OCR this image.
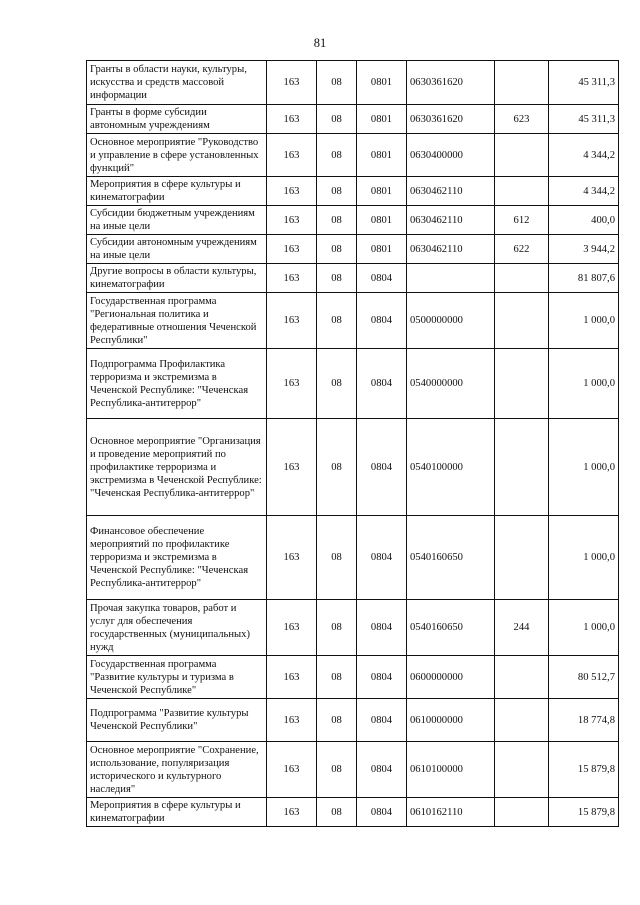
81
Гранты в области науки, культуры, искусства и средств массовой информации	163	08	0801	0630361620		45 311,3
Гранты в форме субсидии автономным учреждениям	163	08	0801	0630361620	623	45 311,3
Основное мероприятие "Руководство и управление в сфере установленных функций"	163	08	0801	0630400000		4 344,2
Мероприятия в сфере культуры и кинематографии	163	08	0801	0630462110		4 344,2
Субсидии бюджетным учреждениям на иные цели	163	08	0801	0630462110	612	400,0
Субсидии автономным учреждениям на иные цели	163	08	0801	0630462110	622	3 944,2
Другие вопросы в области культуры, кинематографии	163	08	0804			81 807,6
Государственная программа "Региональная политика и федеративные отношения Чеченской Республики"	163	08	0804	0500000000		1 000,0
Подпрограмма Профилактика терроризма и экстремизма в Чеченской Республике: "Чеченская Республика-антитеррор"	163	08	0804	0540000000		1 000,0
Основное мероприятие "Организация и проведение мероприятий по профилактике терроризма и экстремизма в Чеченской Республике: "Чеченская Республика-антитеррор"	163	08	0804	0540100000		1 000,0
Финансовое обеспечение мероприятий по профилактике терроризма и экстремизма в Чеченской Республике: "Чеченская Республика-антитеррор"	163	08	0804	0540160650		1 000,0
Прочая закупка товаров, работ и услуг для обеспечения государственных (муниципальных) нужд	163	08	0804	0540160650	244	1 000,0
Государственная программа "Развитие культуры и туризма в Чеченской Республике"	163	08	0804	0600000000		80 512,7
Подпрограмма "Развитие культуры Чеченской Республики"	163	08	0804	0610000000		18 774,8
Основное мероприятие "Сохранение, использование, популяризация исторического и культурного наследия"	163	08	0804	0610100000		15 879,8
Мероприятия в сфере культуры и кинематографии	163	08	0804	0610162110		15 879,8
